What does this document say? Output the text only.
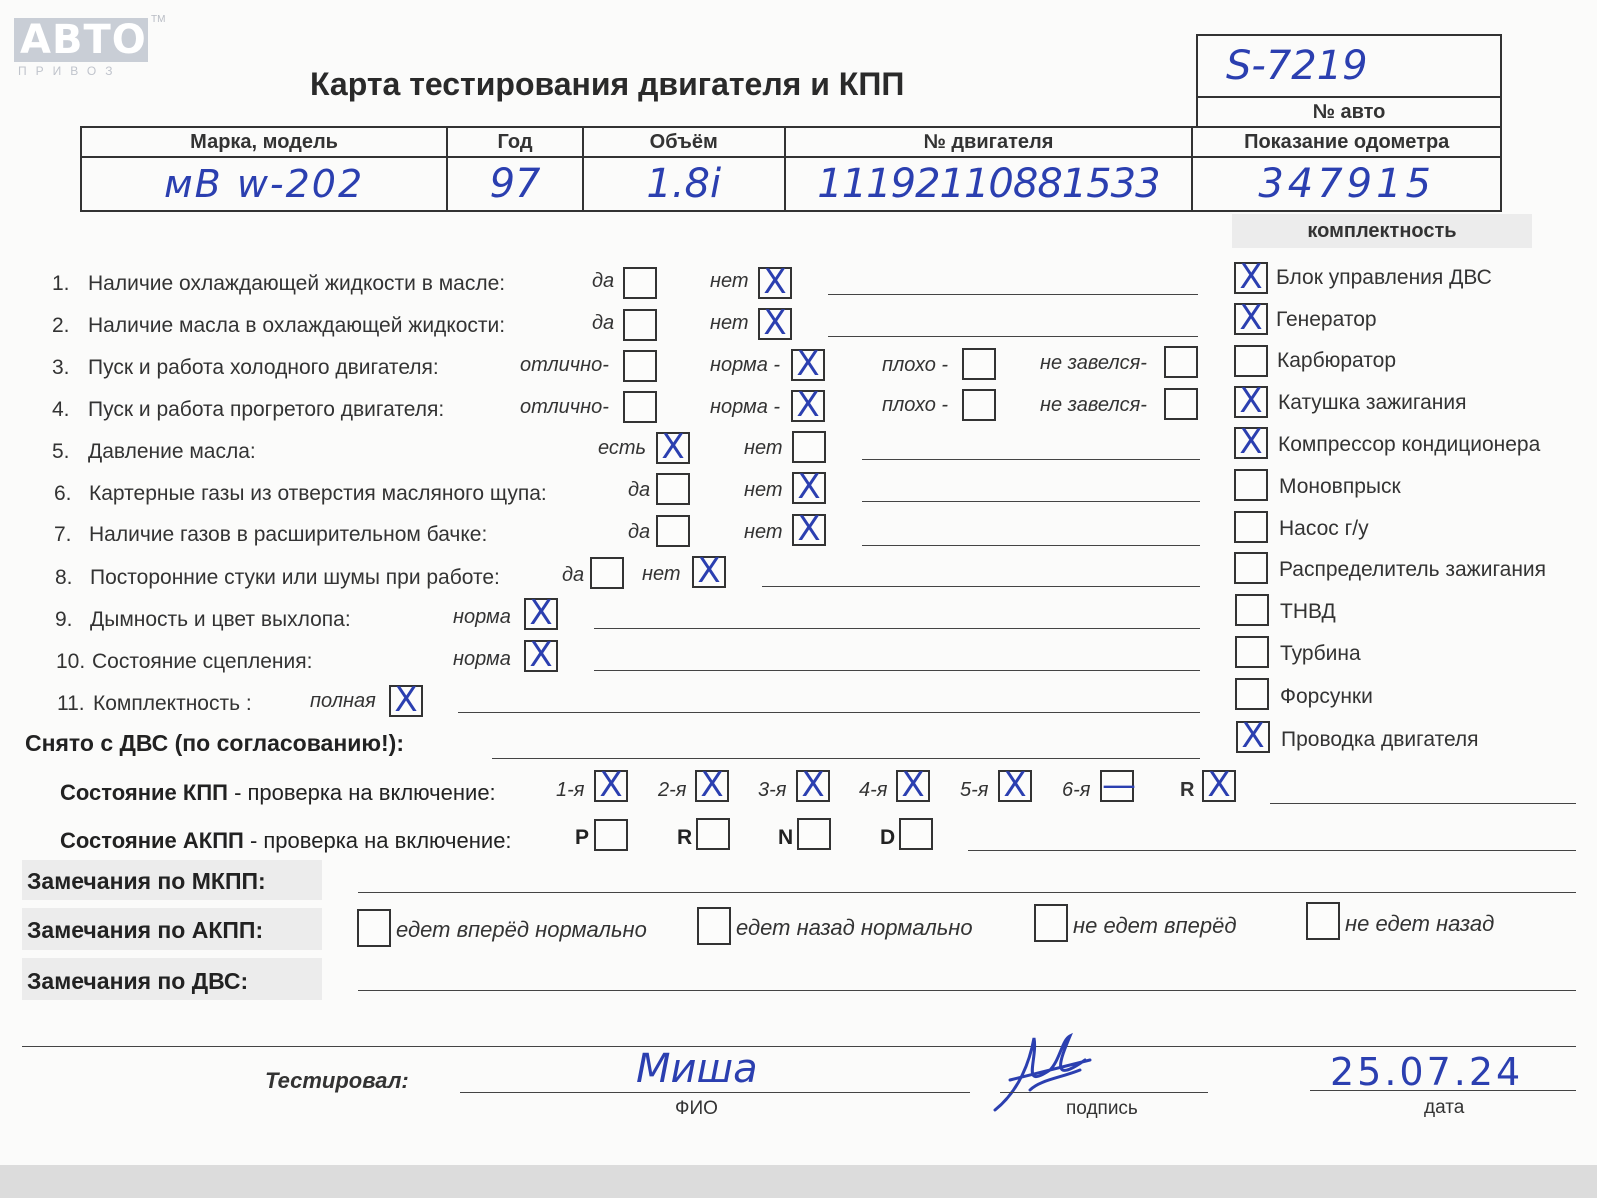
АВТО
ПРИВОЗ
TM
Карта тестирования двигателя и КПП	S-7219
№ авто
Марка, модель	Год	Объём	№ двигателя	Показание одометра
мВ w-202	97	1.8i	11192110881533	347915
1. Наличие охлаждающей жидкости в масле:	да	нет X
2. Наличие масла в охлаждающей жидкости:	да	нет X
3. Пуск и работа холодного двигателя:	отлично-	норма - X	плохо -	не завелся-
4. Пуск и работа прогретого двигателя:	отлично-	норма - X	плохо -	не завелся-
5. Давление масла:	есть X	нет
6. Картерные газы из отверстия масляного щупа:	да	нет X
7. Наличие газов в расширительном бачке:	да	нет X
8. Посторонние стуки или шумы при работе:	да	нет X
9. Дымность и цвет выхлопа:	норма X
10. Состояние сцепления:	норма X
11. Комплектность :	полная X
комплектность
X Блок управления ДВС
X Генератор
Карбюратор
X Катушка зажигания
X Компрессор кондиционера
Моновпрыск
Насос г/у
Распределитель зажигания
ТНВД
Турбина
Форсунки
X Проводка двигателя
Снято с ДВС (по согласованию!):
Состояние КПП - проверка на включение:	1-я X 2-я X 3-я X 4-я X 5-я X 6-я — R X
Состояние АКПП - проверка на включение:	P	R	N	D
Замечания по МКПП:
Замечания по АКПП:	едет вперёд нормально	едет назад нормально	не едет вперёд	не едет назад
Замечания по ДВС:
Тестировал:	Миша
ФИО	подпись
25.07.24
дата
